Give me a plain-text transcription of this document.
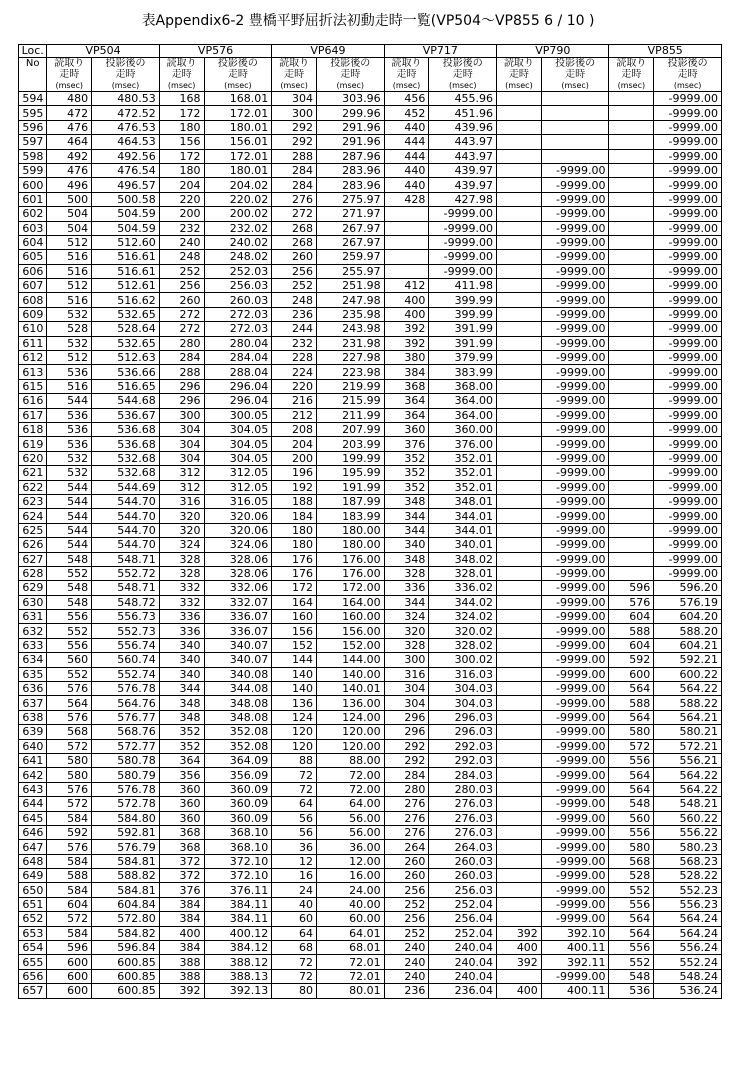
表Appendix6-2 豊橋平野屈折法初動走時一覧(VP504～VP855 6 / 10 )
Loc.	VP504		VP576		VP649		VP717		VP790		VP855	
No	読取り	投影後の	読取り	投影後の	読取り	投影後の	読取り	投影後の	読取り	投影後の	読取り	投影後の
	走時	走時	走時	走時	走時	走時	走時	走時	走時	走時	走時	走時
	(msec)	(msec)	(msec)	(msec)	(msec)	(msec)	(msec)	(msec)	(msec)	(msec)	(msec)	(msec)
594	480	480.53	168	168.01	304	303.96	456	455.96				-9999.00
595	472	472.52	172	172.01	300	299.96	452	451.96				-9999.00
596	476	476.53	180	180.01	292	291.96	440	439.96				-9999.00
597	464	464.53	156	156.01	292	291.96	444	443.97				-9999.00
598	492	492.56	172	172.01	288	287.96	444	443.97				-9999.00
599	476	476.54	180	180.01	284	283.96	440	439.97		-9999.00		-9999.00
600	496	496.57	204	204.02	284	283.96	440	439.97		-9999.00		-9999.00
601	500	500.58	220	220.02	276	275.97	428	427.98		-9999.00		-9999.00
602	504	504.59	200	200.02	272	271.97		-9999.00		-9999.00		-9999.00
603	504	504.59	232	232.02	268	267.97		-9999.00		-9999.00		-9999.00
604	512	512.60	240	240.02	268	267.97		-9999.00		-9999.00		-9999.00
605	516	516.61	248	248.02	260	259.97		-9999.00		-9999.00		-9999.00
606	516	516.61	252	252.03	256	255.97		-9999.00		-9999.00		-9999.00
607	512	512.61	256	256.03	252	251.98	412	411.98		-9999.00		-9999.00
608	516	516.62	260	260.03	248	247.98	400	399.99		-9999.00		-9999.00
609	532	532.65	272	272.03	236	235.98	400	399.99		-9999.00		-9999.00
610	528	528.64	272	272.03	244	243.98	392	391.99		-9999.00		-9999.00
611	532	532.65	280	280.04	232	231.98	392	391.99		-9999.00		-9999.00
612	512	512.63	284	284.04	228	227.98	380	379.99		-9999.00		-9999.00
613	536	536.66	288	288.04	224	223.98	384	383.99		-9999.00		-9999.00
615	516	516.65	296	296.04	220	219.99	368	368.00		-9999.00		-9999.00
616	544	544.68	296	296.04	216	215.99	364	364.00		-9999.00		-9999.00
617	536	536.67	300	300.05	212	211.99	364	364.00		-9999.00		-9999.00
618	536	536.68	304	304.05	208	207.99	360	360.00		-9999.00		-9999.00
619	536	536.68	304	304.05	204	203.99	376	376.00		-9999.00		-9999.00
620	532	532.68	304	304.05	200	199.99	352	352.01		-9999.00		-9999.00
621	532	532.68	312	312.05	196	195.99	352	352.01		-9999.00		-9999.00
622	544	544.69	312	312.05	192	191.99	352	352.01		-9999.00		-9999.00
623	544	544.70	316	316.05	188	187.99	348	348.01		-9999.00		-9999.00
624	544	544.70	320	320.06	184	183.99	344	344.01		-9999.00		-9999.00
625	544	544.70	320	320.06	180	180.00	344	344.01		-9999.00		-9999.00
626	544	544.70	324	324.06	180	180.00	340	340.01		-9999.00		-9999.00
627	548	548.71	328	328.06	176	176.00	348	348.02		-9999.00		-9999.00
628	552	552.72	328	328.06	176	176.00	328	328.01		-9999.00		-9999.00
629	548	548.71	332	332.06	172	172.00	336	336.02		-9999.00	596	596.20
630	548	548.72	332	332.07	164	164.00	344	344.02		-9999.00	576	576.19
631	556	556.73	336	336.07	160	160.00	324	324.02		-9999.00	604	604.20
632	552	552.73	336	336.07	156	156.00	320	320.02		-9999.00	588	588.20
633	556	556.74	340	340.07	152	152.00	328	328.02		-9999.00	604	604.21
634	560	560.74	340	340.07	144	144.00	300	300.02		-9999.00	592	592.21
635	552	552.74	340	340.08	140	140.00	316	316.03		-9999.00	600	600.22
636	576	576.78	344	344.08	140	140.01	304	304.03		-9999.00	564	564.22
637	564	564.76	348	348.08	136	136.00	304	304.03		-9999.00	588	588.22
638	576	576.77	348	348.08	124	124.00	296	296.03		-9999.00	564	564.21
639	568	568.76	352	352.08	120	120.00	296	296.03		-9999.00	580	580.21
640	572	572.77	352	352.08	120	120.00	292	292.03		-9999.00	572	572.21
641	580	580.78	364	364.09	88	88.00	292	292.03		-9999.00	556	556.21
642	580	580.79	356	356.09	72	72.00	284	284.03		-9999.00	564	564.22
643	576	576.78	360	360.09	72	72.00	280	280.03		-9999.00	564	564.22
644	572	572.78	360	360.09	64	64.00	276	276.03		-9999.00	548	548.21
645	584	584.80	360	360.09	56	56.00	276	276.03		-9999.00	560	560.22
646	592	592.81	368	368.10	56	56.00	276	276.03		-9999.00	556	556.22
647	576	576.79	368	368.10	36	36.00	264	264.03		-9999.00	580	580.23
648	584	584.81	372	372.10	12	12.00	260	260.03		-9999.00	568	568.23
649	588	588.82	372	372.10	16	16.00	260	260.03		-9999.00	528	528.22
650	584	584.81	376	376.11	24	24.00	256	256.03		-9999.00	552	552.23
651	604	604.84	384	384.11	40	40.00	252	252.04		-9999.00	556	556.23
652	572	572.80	384	384.11	60	60.00	256	256.04		-9999.00	564	564.24
653	584	584.82	400	400.12	64	64.01	252	252.04	392	392.10	564	564.24
654	596	596.84	384	384.12	68	68.01	240	240.04	400	400.11	556	556.24
655	600	600.85	388	388.12	72	72.01	240	240.04	392	392.11	552	552.24
656	600	600.85	388	388.13	72	72.01	240	240.04		-9999.00	548	548.24
657	600	600.85	392	392.13	80	80.01	236	236.04	400	400.11	536	536.24
